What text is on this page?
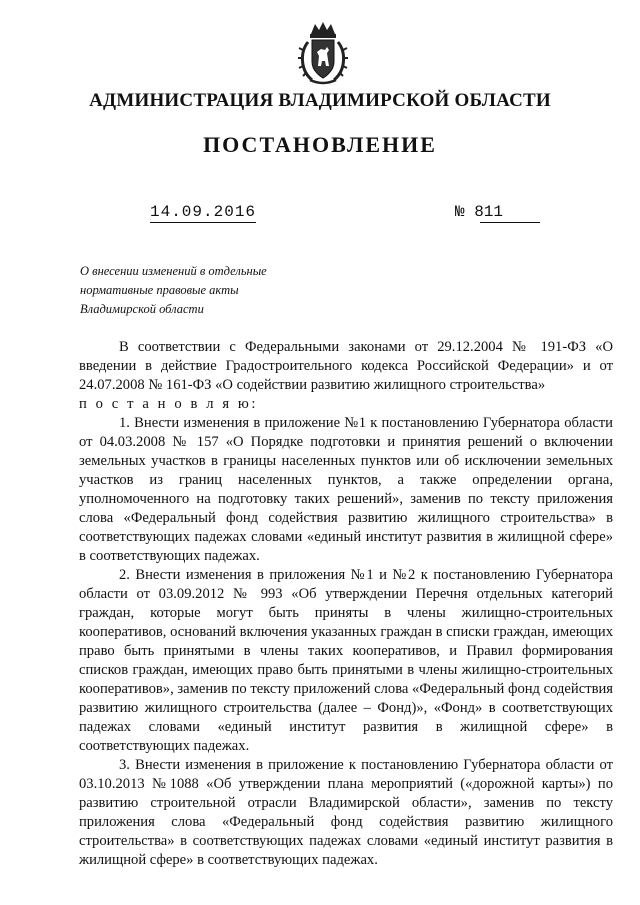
АДМИНИСТРАЦИЯ ВЛАДИМИРСКОЙ ОБЛАСТИ
ПОСТАНОВЛЕНИЕ
14.09.2016	№ 811
О внесении изменений в отдельные
нормативные правовые акты
Владимирской области

В соответствии с Федеральными законами от 29.12.2004 № 191-ФЗ «О введении в действие Градостроительного кодекса Российской Федерации» и от 24.07.2008 № 161-ФЗ «О содействии развитию жилищного строительства»

п о с т а н о в л я ю:

1. Внести изменения в приложение №1 к постановлению Губернатора области от 04.03.2008 № 157 «О Порядке подготовки и принятия решений о включении земельных участков в границы населенных пунктов или об исключении земельных участков из границ населенных пунктов, а также определении органа, уполномоченного на подготовку таких решений», заменив по тексту приложения слова «Федеральный фонд содействия развитию жилищного строительства» в соответствующих падежах словами «единый институт развития в жилищной сфере» в соответствующих падежах.

2. Внести изменения в приложения №1 и №2 к постановлению Губернатора области от 03.09.2012 № 993 «Об утверждении Перечня отдельных категорий граждан, которые могут быть приняты в члены жилищно-строительных кооперативов, оснований включения указанных граждан в списки граждан, имеющих право быть принятыми в члены таких кооперативов, и Правил формирования списков граждан, имеющих право быть принятыми в члены жилищно-строительных кооперативов», заменив по тексту приложений слова «Федеральный фонд содействия развитию жилищного строительства (далее – Фонд)», «Фонд» в соответствующих падежах словами «единый институт развития в жилищной сфере» в соответствующих падежах.

3. Внести изменения в приложение к постановлению Губернатора области от 03.10.2013 №1088 «Об утверждении плана мероприятий («дорожной карты») по развитию строительной отрасли Владимирской области», заменив по тексту приложения слова «Федеральный фонд содействия развитию жилищного строительства» в соответствующих падежах словами «единый институт развития в жилищной сфере» в соответствующих падежах.
